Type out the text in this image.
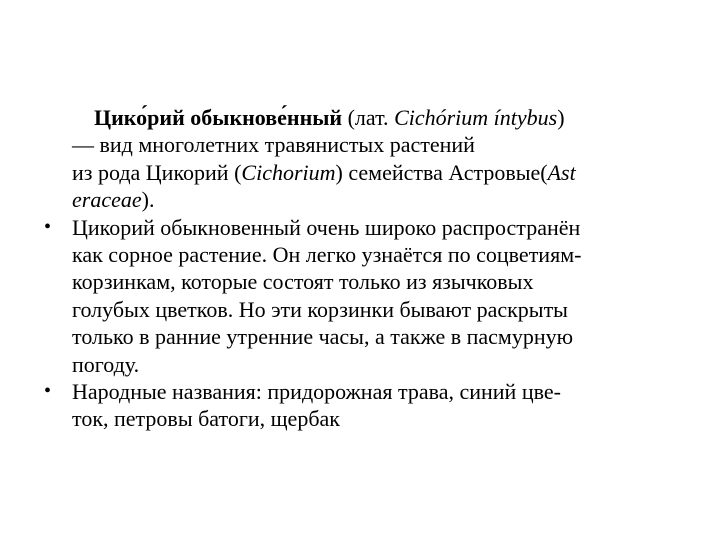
Цико́рий обыкнове́нный (лат. Cichórium íntybus)
— вид многолетних травянистых растений
из рода Цикорий (Cichorium) семейства Астровые(Ast
eraceae).
• Цикорий обыкновенный очень широко распространён
как сорное растение. Он легко узнаётся по соцветиям-
корзинкам, которые состоят только из язычковых
голубых цветков. Но эти корзинки бывают раскрыты
только в ранние утренние часы, а также в пасмурную
погоду.
• Народные названия: придорожная трава, синий цве-
ток, петровы батоги, щербак
